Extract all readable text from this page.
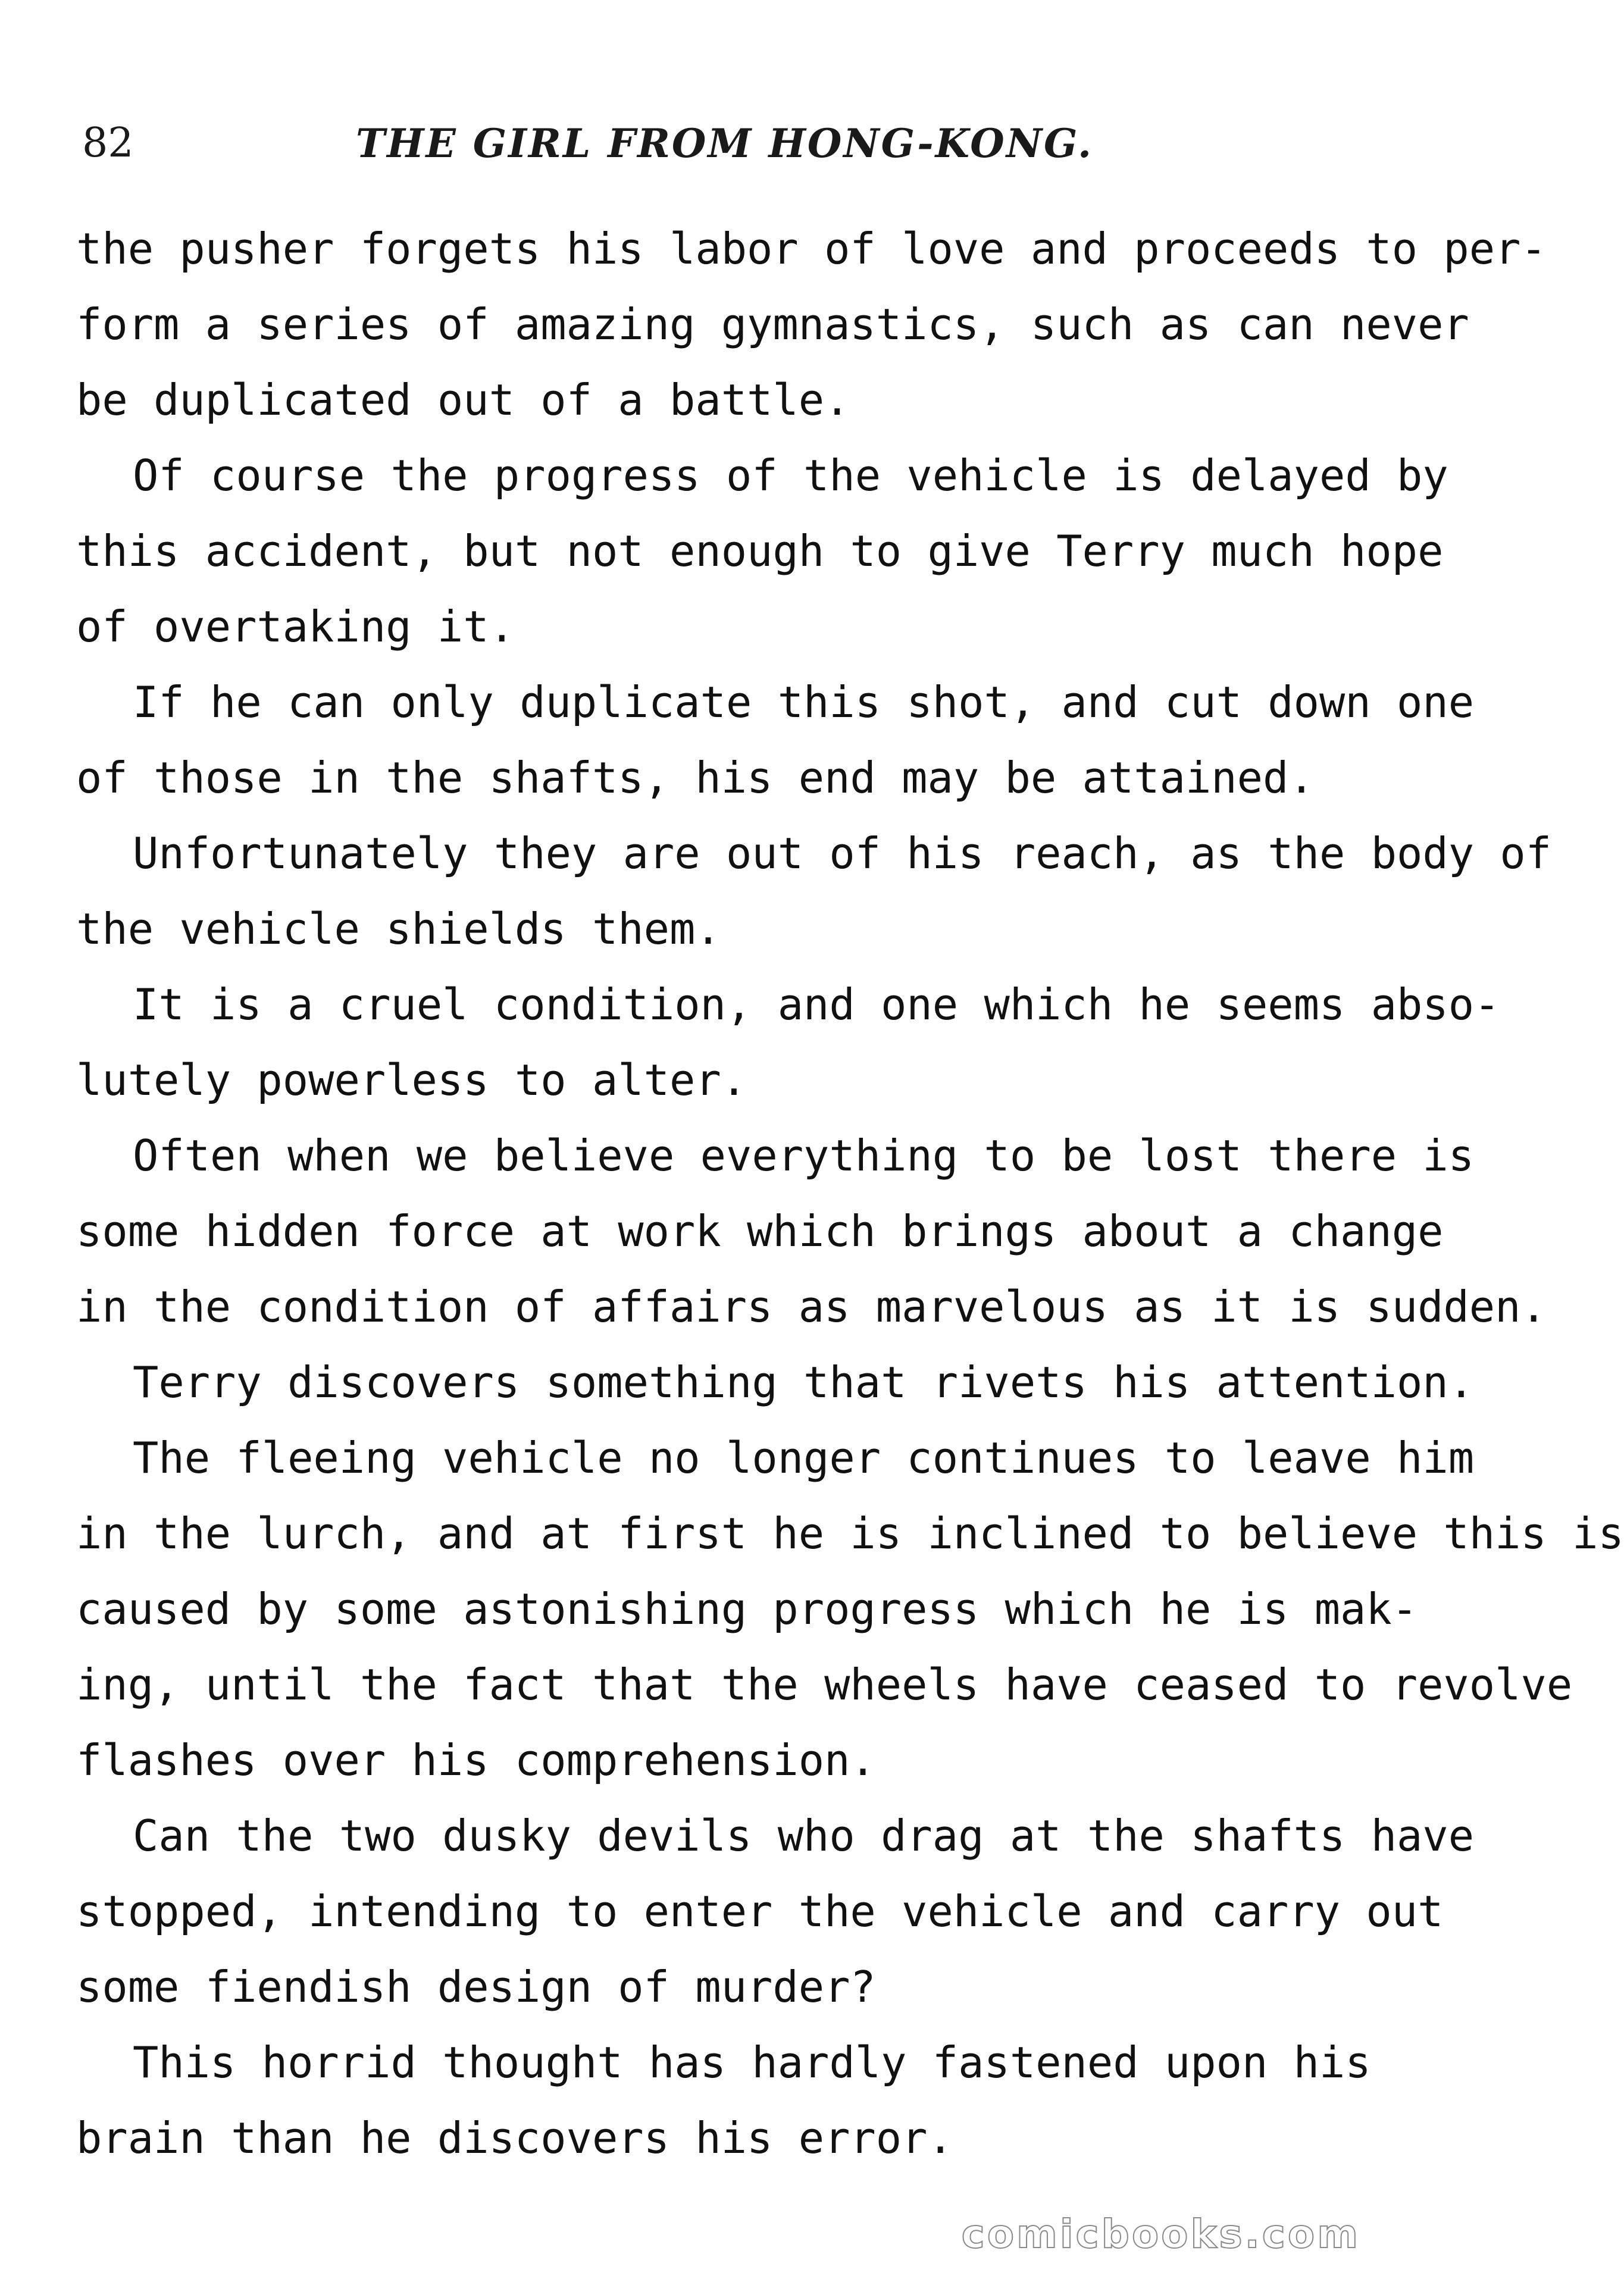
82	THE GIRL FROM HONG-KONG.
the pusher forgets his labor of love and proceeds to per-
form a series of amazing gymnastics, such as can never
be duplicated out of a battle.
Of course the progress of the vehicle is delayed by
this accident, but not enough to give Terry much hope
of overtaking it.
If he can only duplicate this shot, and cut down one
of those in the shafts, his end may be attained.
Unfortunately they are out of his reach, as the body of
the vehicle shields them.
It is a cruel condition, and one which he seems abso-
lutely powerless to alter.
Often when we believe everything to be lost there is
some hidden force at work which brings about a change
in the condition of affairs as marvelous as it is sudden.
Terry discovers something that rivets his attention.
The fleeing vehicle no longer continues to leave him
in the lurch, and at first he is inclined to believe this is
caused by some astonishing progress which he is mak-
ing, until the fact that the wheels have ceased to revolve
flashes over his comprehension.
Can the two dusky devils who drag at the shafts have
stopped, intending to enter the vehicle and carry out
some fiendish design of murder?
This horrid thought has hardly fastened upon his
brain than he discovers his error.
comicbooks.com
